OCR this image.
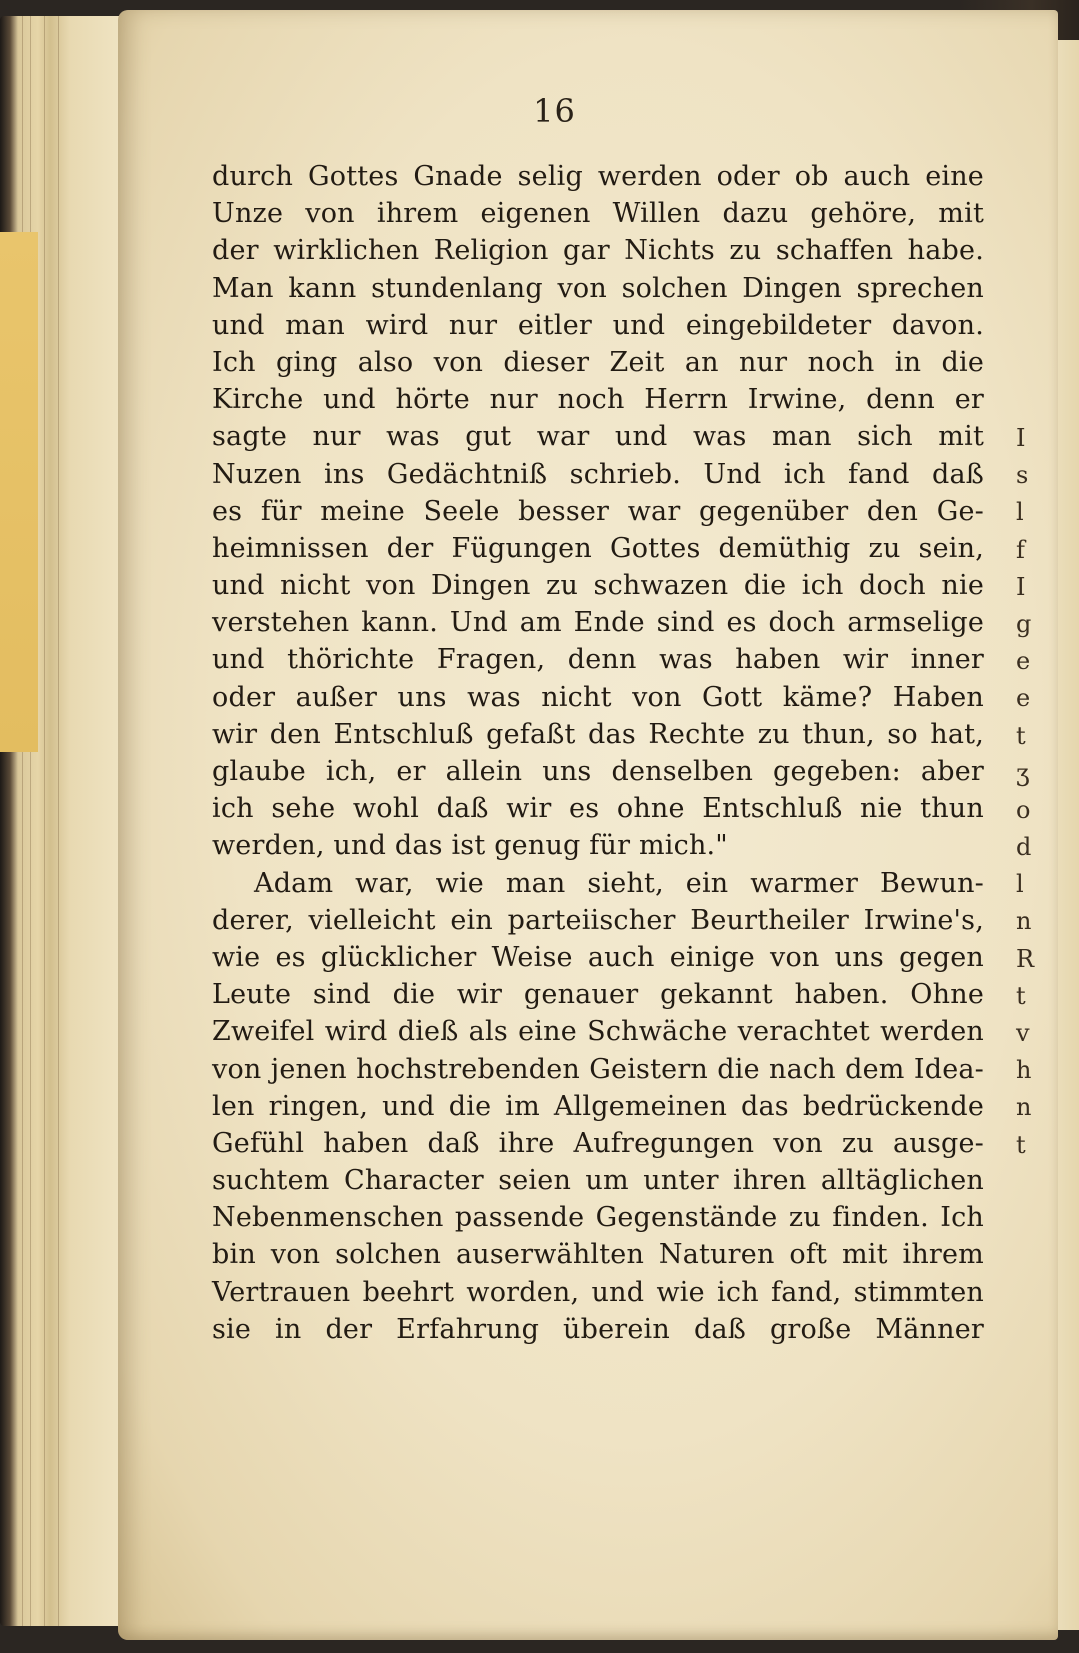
16
durch Gottes Gnade selig werden oder ob auch eine
Unze von ihrem eigenen Willen dazu gehöre, mit
der wirklichen Religion gar Nichts zu schaffen habe.
Man kann stundenlang von solchen Dingen sprechen
und man wird nur eitler und eingebildeter davon.
Ich ging also von dieser Zeit an nur noch in die
Kirche und hörte nur noch Herrn Irwine, denn er
sagte nur was gut war und was man sich mit
Nuzen ins Gedächtniß schrieb. Und ich fand daß
es für meine Seele besser war gegenüber den Ge-
heimnissen der Fügungen Gottes demüthig zu sein,
und nicht von Dingen zu schwazen die ich doch nie
verstehen kann. Und am Ende sind es doch armselige
und thörichte Fragen, denn was haben wir inner
oder außer uns was nicht von Gott käme? Haben
wir den Entschluß gefaßt das Rechte zu thun, so hat,
glaube ich, er allein uns denselben gegeben: aber
ich sehe wohl daß wir es ohne Entschluß nie thun
werden, und das ist genug für mich."
Adam war, wie man sieht, ein warmer Bewun-
derer, vielleicht ein parteiischer Beurtheiler Irwine's,
wie es glücklicher Weise auch einige von uns gegen
Leute sind die wir genauer gekannt haben. Ohne
Zweifel wird dieß als eine Schwäche verachtet werden
von jenen hochstrebenden Geistern die nach dem Idea-
len ringen, und die im Allgemeinen das bedrückende
Gefühl haben daß ihre Aufregungen von zu ausge-
suchtem Character seien um unter ihren alltäglichen
Nebenmenschen passende Gegenstände zu finden. Ich
bin von solchen auserwählten Naturen oft mit ihrem
Vertrauen beehrt worden, und wie ich fand, stimmten
sie in der Erfahrung überein daß große Männer
I
s
l
f
I
g
e
e
t
ʒ
o
d
l
n
R
t
v
h
n
t
